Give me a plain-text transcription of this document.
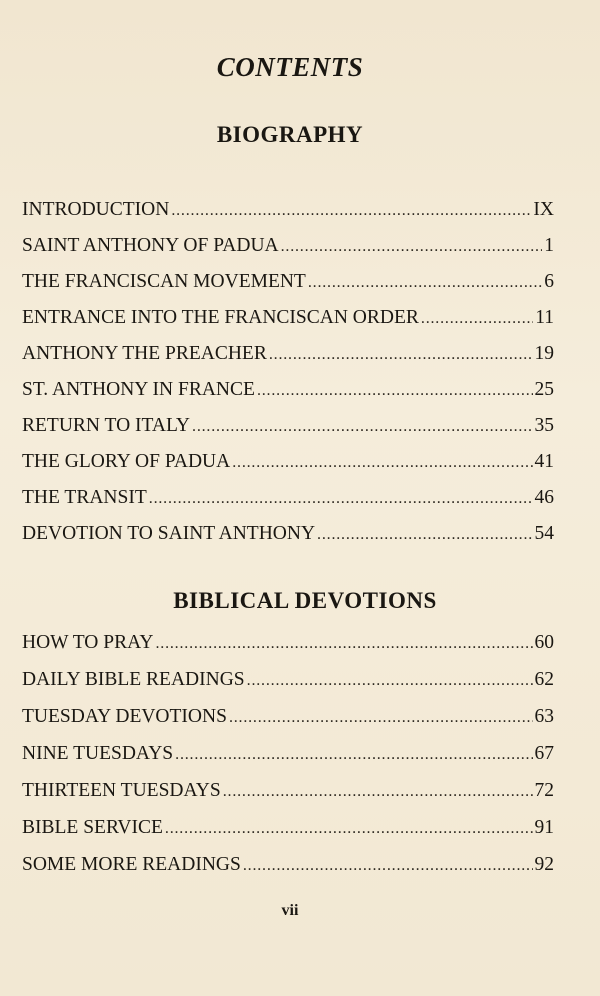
CONTENTS
BIOGRAPHY
INTRODUCTION .....	IX
SAINT ANTHONY OF PADUA .....	1
THE FRANCISCAN MOVEMENT .....	6
ENTRANCE INTO THE FRANCISCAN ORDER .....	11
ANTHONY THE PREACHER .....	19
ST. ANTHONY IN FRANCE .....	25
RETURN TO ITALY .....	35
THE GLORY OF PADUA .....	41
THE TRANSIT .....	46
DEVOTION TO SAINT ANTHONY .....	54
BIBLICAL DEVOTIONS
HOW TO PRAY .....	60
DAILY BIBLE READINGS .....	62
TUESDAY DEVOTIONS .....	63
NINE TUESDAYS .....	67
THIRTEEN TUESDAYS .....	72
BIBLE SERVICE .....	91
SOME MORE READINGS .....	92
vii
